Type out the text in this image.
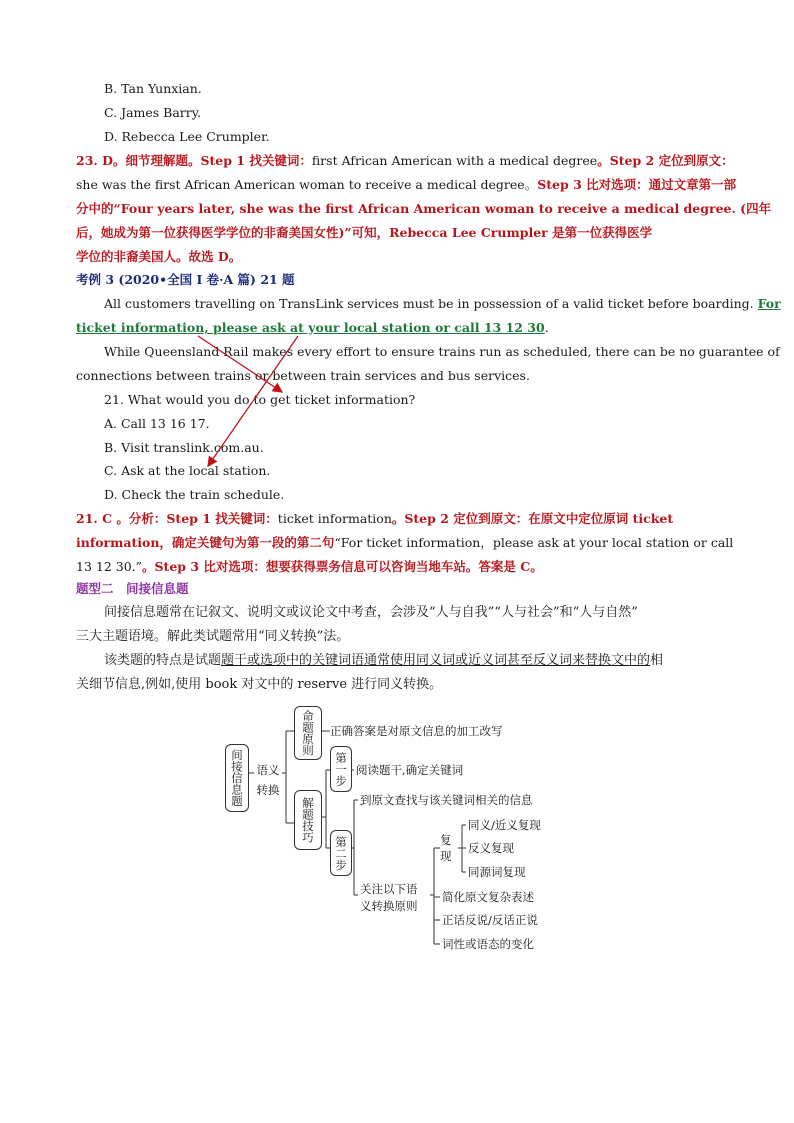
B. Tan Yunxian.
C. James Barry.
D. Rebecca Lee Crumpler.
23. D。细节理解题。Step 1 找关键词：first African American with a medical degree。Step 2 定位到原文：
she was the first African American woman to receive a medical degree。Step 3 比对选项：通过文章第一部
分中的“Four years later, she was the first African American woman to receive a medical degree. (四年
后，她成为第一位获得医学学位的非裔美国女性)”可知，Rebecca Lee Crumpler 是第一位获得医学
学位的非裔美国人。故选 D。
考例 3 (2020•全国 I 卷·A 篇) 21 题
All customers travelling on TransLink services must be in possession of a valid ticket before boarding. For
ticket information, please ask at your local station or call 13 12 30.
While Queensland Rail makes every effort to ensure trains run as scheduled, there can be no guarantee of
connections between trains or between train services and bus services.
21. What would you do to get ticket information?
A. Call 13 16 17.
B. Visit translink.com.au.
C. Ask at the local station.
D. Check the train schedule.
21. C 。分析：Step 1 找关键词：ticket information。Step 2 定位到原文：在原文中定位原词 ticket
information，确定关键句为第一段的第二句“For ticket information，please ask at your local station or call
13 12 30.”。Step 3 比对选项：想要获得票务信息可以咨询当地车站。答案是 C。
题型二　间接信息题
间接信息题常在记叙文、说明文或议论文中考查，会涉及“人与自我”“人与社会”和“人与自然”
三大主题语境。解此类试题常用“同义转换”法。
该类题的特点是试题题干或选项中的关键词语通常使用同义词或近义词甚至反义词来替换文中的相
关细节信息,例如,使用 book 对文中的 reserve 进行同义转换。
间接信息题 语义转换
命题原则 正确答案是对原文信息的加工改写
解题技巧
第一步 阅读题干,确定关键词
第二步
到原文查找与该关键词相关的信息
关注以下语
义转换原则
复现
同义/近义复现
反义复现
同源词复现
简化原文复杂表述
正话反说/反话正说
词性或语态的变化
